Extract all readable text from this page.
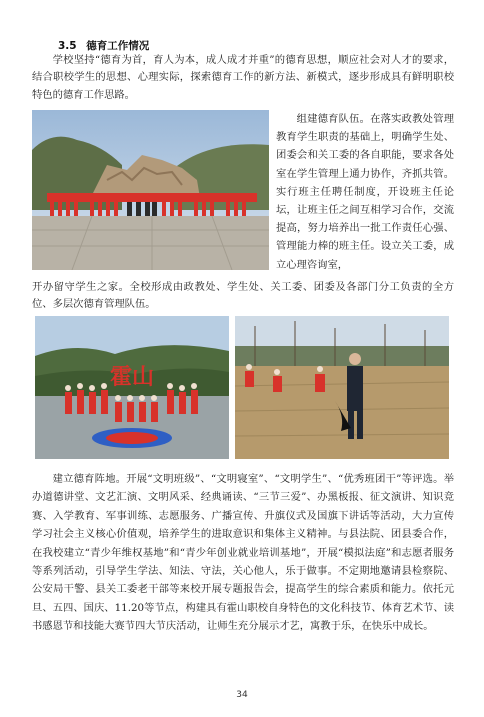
3.5 德育工作情况

学校坚持“德育为首，育人为本，成人成才并重”的德育思想，顺应社会对人才的要求，结合职校学生的思想、心理实际，探索德育工作的新方法、新模式，逐步形成具有鲜明职校特色的德育工作思路。

组建德育队伍。在落实政教处管理教育学生职责的基础上，明确学生处、团委会和关工委的各自职能，要求各处室在学生管理上通力协作，齐抓共管。实行班主任聘任制度，开设班主任论坛，让班主任之间互相学习合作，交流提高，努力培养出一批工作责任心强、管理能力棒的班主任。设立关工委，成立心理咨询室，

开办留守学生之家。全校形成由政教处、学生处、关工委、团委及各部门分工负责的全方位、多层次德育管理队伍。

霍山

建立德育阵地。开展“文明班级”、“文明寝室”、“文明学生”、“优秀班团干”等评选。举办道德讲堂、文艺汇演、文明风采、经典诵读、“三节三爱”、办黑板报、征文演讲、知识竞赛、入学教育、军事训练、志愿服务、广播宣传、升旗仪式及国旗下讲话等活动，大力宣传学习社会主义核心价值观，培养学生的进取意识和集体主义精神。与县法院、团县委合作，在我校建立“青少年维权基地”和“青少年创业就业培训基地”，开展“模拟法庭”和志愿者服务等系列活动，引导学生学法、知法、守法，关心他人，乐于做事。不定期地邀请县检察院、公安局干警、县关工委老干部等来校开展专题报告会，提高学生的综合素质和能力。依托元旦、五四、国庆、11.20等节点，构建具有霍山职校自身特色的文化科技节、体育艺术节、读书感恩节和技能大赛节四大节庆活动，让师生充分展示才艺，寓教于乐，在快乐中成长。

34
